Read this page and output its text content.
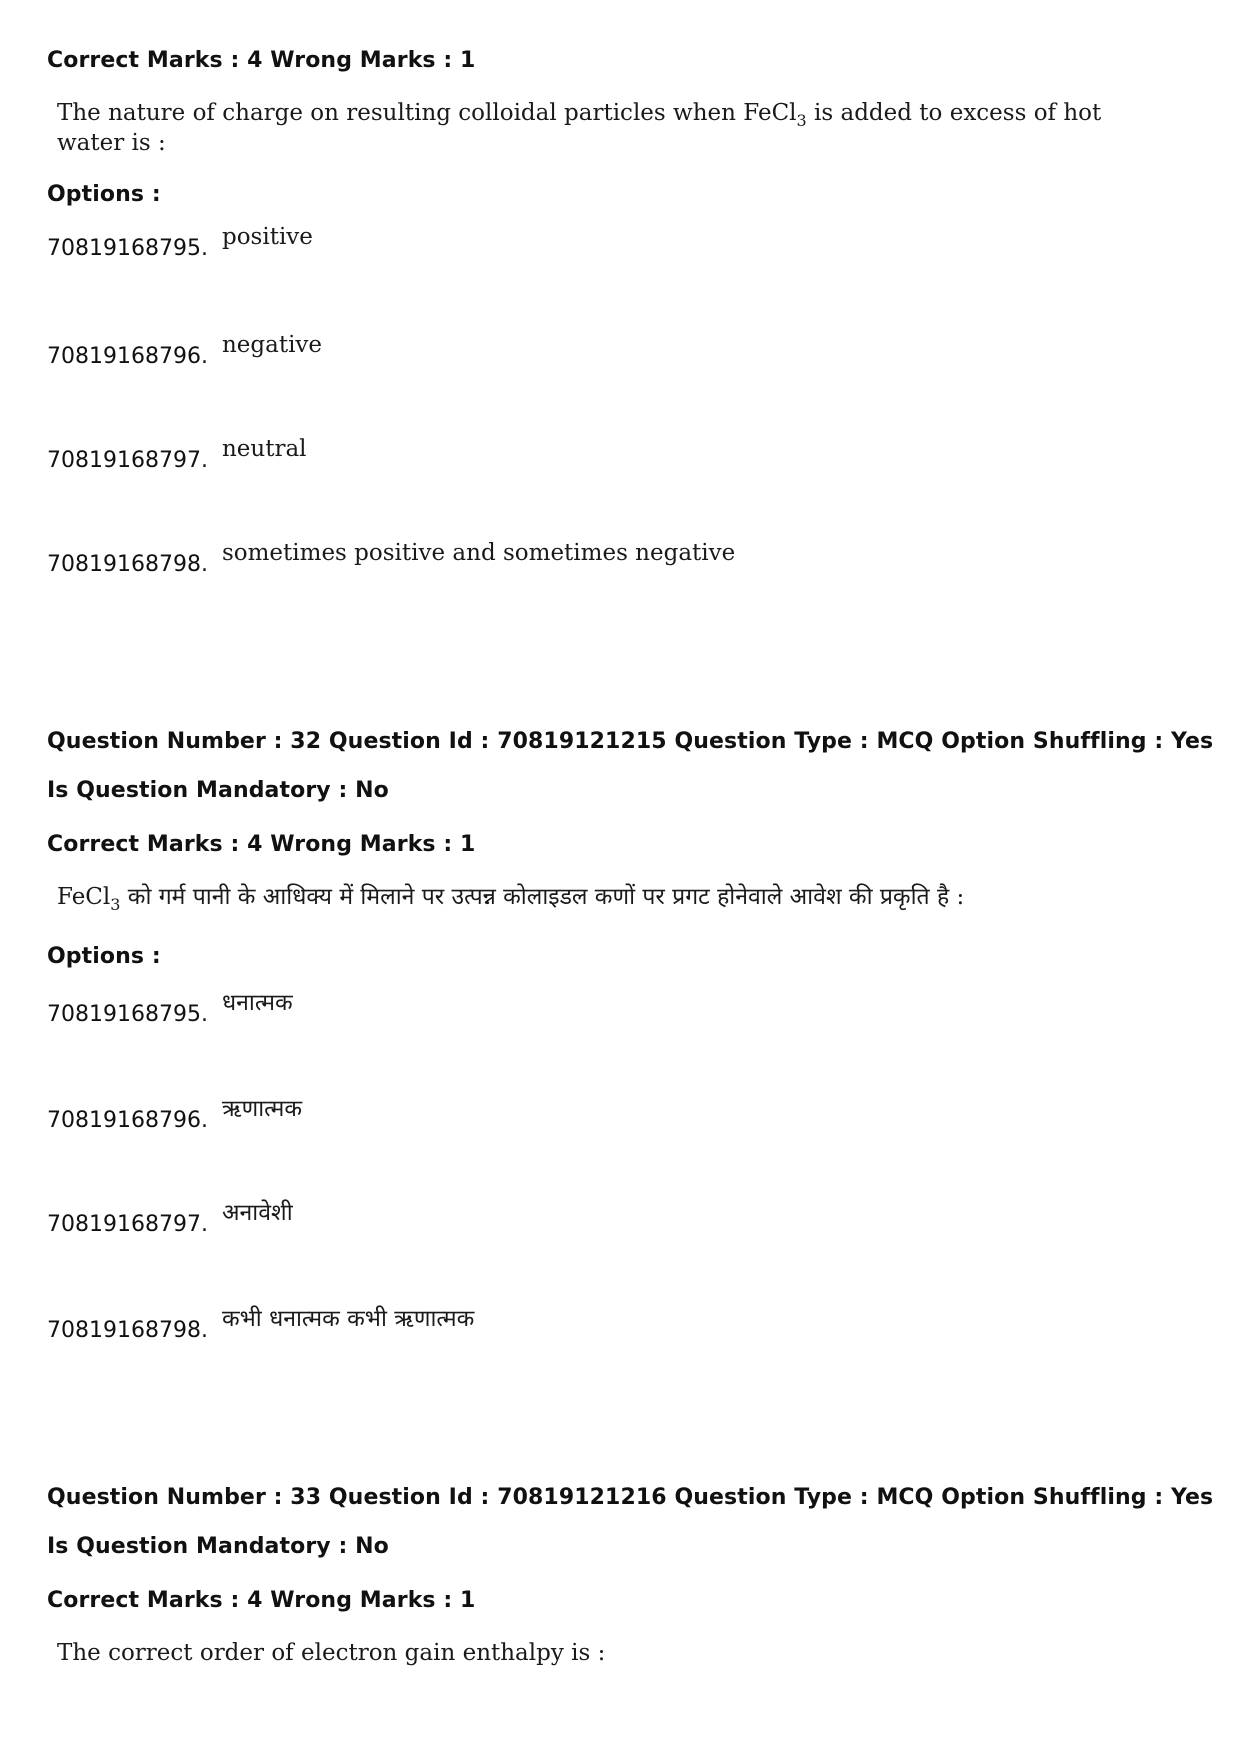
Correct Marks : 4 Wrong Marks : 1
The nature of charge on resulting colloidal particles when FeCl$_3$ is added to excess of hot
water is :
Options :
70819168795. positive
70819168796. negative
70819168797. neutral
70819168798. sometimes positive and sometimes negative
Question Number : 32 Question Id : 70819121215 Question Type : MCQ Option Shuffling : Yes
Is Question Mandatory : No
Correct Marks : 4 Wrong Marks : 1
FeCl$_3$ को गर्म पानी के आधिक्य में मिलाने पर उत्पन्न कोलाइडल कणों पर प्रगट होनेवाले आवेश की प्रकृति है :
Options :
70819168795. धनात्मक
70819168796. ऋणात्मक
70819168797. अनावेशी
70819168798. कभी धनात्मक कभी ऋणात्मक
Question Number : 33 Question Id : 70819121216 Question Type : MCQ Option Shuffling : Yes
Is Question Mandatory : No
Correct Marks : 4 Wrong Marks : 1
The correct order of electron gain enthalpy is :
